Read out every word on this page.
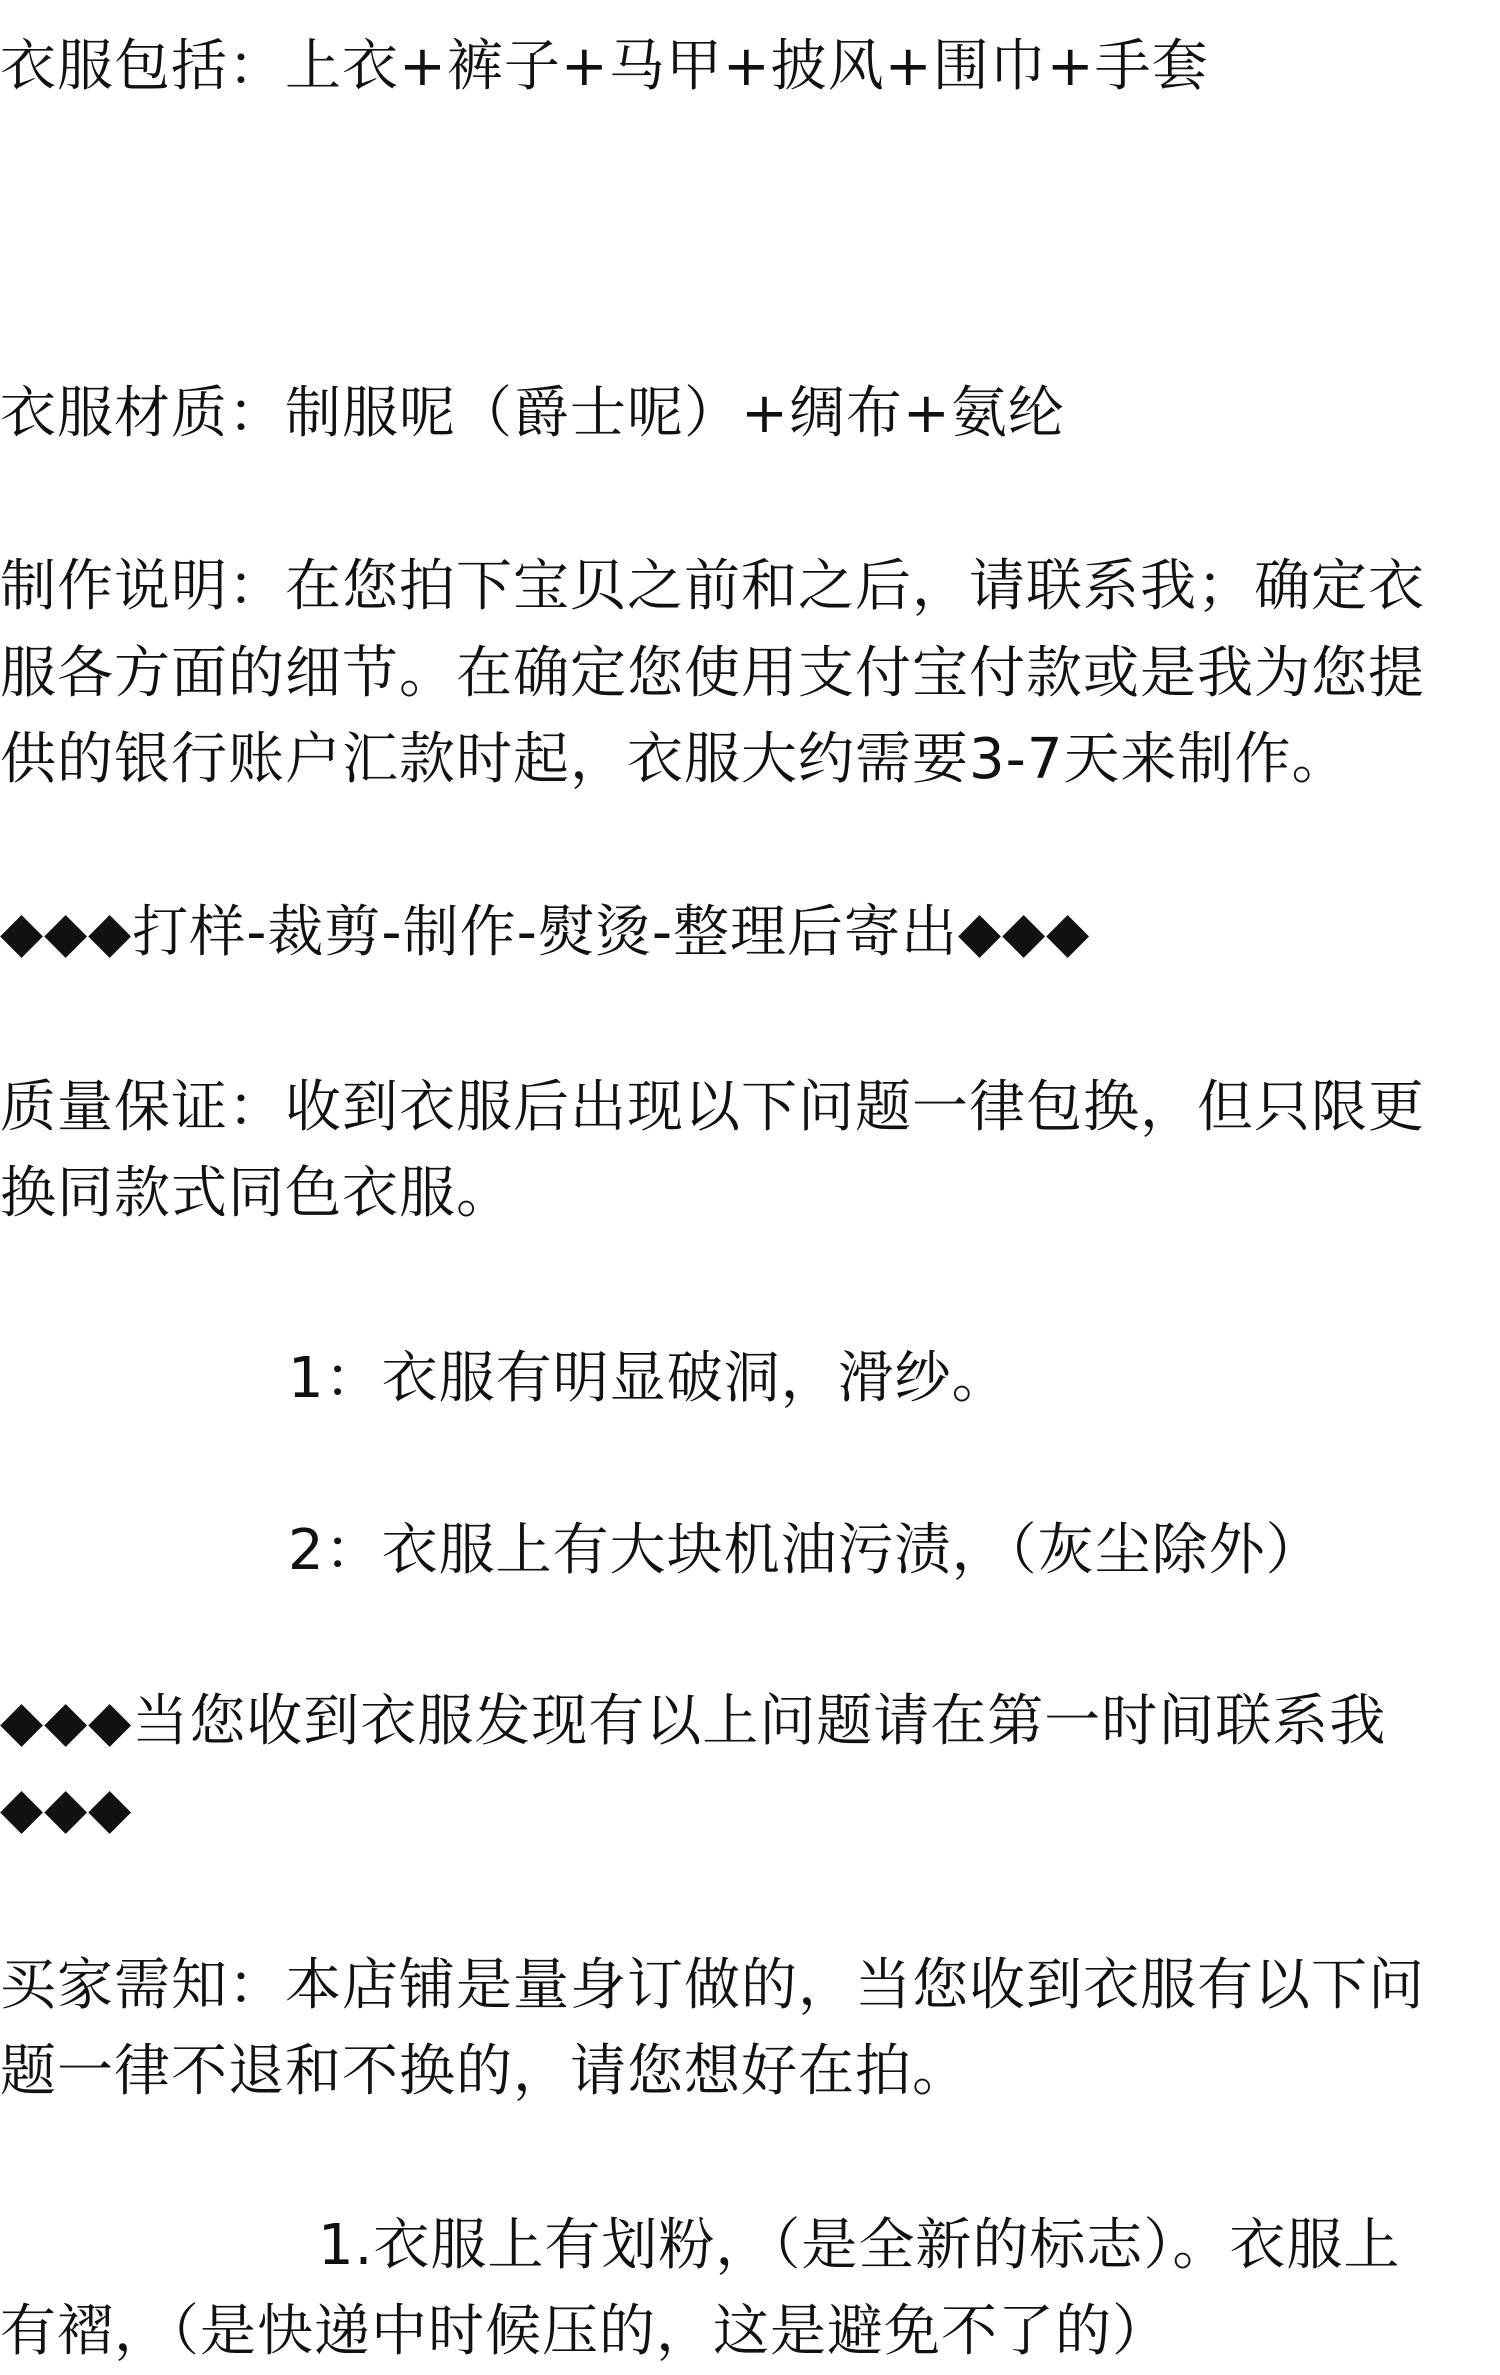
衣服包括：上衣+裤子+马甲+披风+围巾+手套

衣服材质：制服呢（爵士呢）+绸布+氨纶

制作说明：在您拍下宝贝之前和之后，请联系我；确定衣

服各方面的细节。在确定您使用支付宝付款或是我为您提

供的银行账户汇款时起，衣服大约需要3-7天来制作。

◆◆◆打样-裁剪-制作-熨烫-整理后寄出◆◆◆

质量保证：收到衣服后出现以下问题一律包换，但只限更

换同款式同色衣服。

1：衣服有明显破洞，滑纱。

2：衣服上有大块机油污渍，（灰尘除外）

◆◆◆当您收到衣服发现有以上问题请在第一时间联系我

◆◆◆

买家需知：本店铺是量身订做的，当您收到衣服有以下问

题一律不退和不换的，请您想好在拍。

1.衣服上有划粉，（是全新的标志）。衣服上

有褶，（是快递中时候压的，这是避免不了的）
